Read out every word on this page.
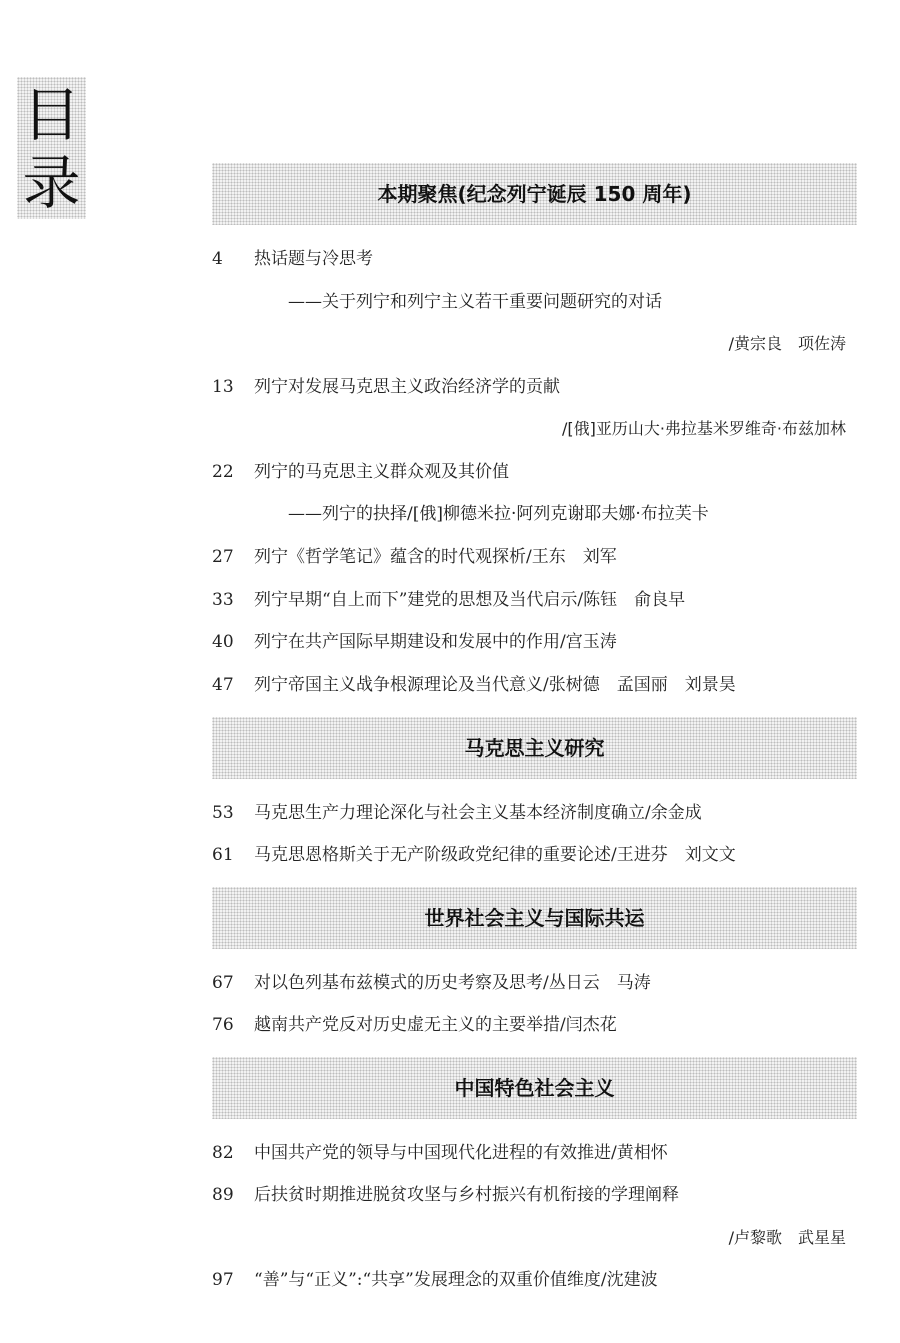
目
录	本期聚焦(纪念列宁诞辰 150 周年)
4	热话题与冷思考
——关于列宁和列宁主义若干重要问题研究的对话
/黄宗良　项佐涛
13	列宁对发展马克思主义政治经济学的贡献
/[俄]亚历山大·弗拉基米罗维奇·布兹加林
22	列宁的马克思主义群众观及其价值
——列宁的抉择/[俄]柳德米拉·阿列克谢耶夫娜·布拉芙卡
27	列宁《哲学笔记》蕴含的时代观探析/王东　刘军
33	列宁早期“自上而下”建党的思想及当代启示/陈钰　俞良早
40	列宁在共产国际早期建设和发展中的作用/宫玉涛
47	列宁帝国主义战争根源理论及当代意义/张树德　孟国丽　刘景昊
马克思主义研究
53	马克思生产力理论深化与社会主义基本经济制度确立/余金成
61	马克思恩格斯关于无产阶级政党纪律的重要论述/王进芬　刘文文
世界社会主义与国际共运
67	对以色列基布兹模式的历史考察及思考/丛日云　马涛
76	越南共产党反对历史虚无主义的主要举措/闫杰花
中国特色社会主义
82	中国共产党的领导与中国现代化进程的有效推进/黄相怀
89	后扶贫时期推进脱贫攻坚与乡村振兴有机衔接的学理阐释
/卢黎歌　武星星
97	“善”与“正义”:“共享”发展理念的双重价值维度/沈建波
